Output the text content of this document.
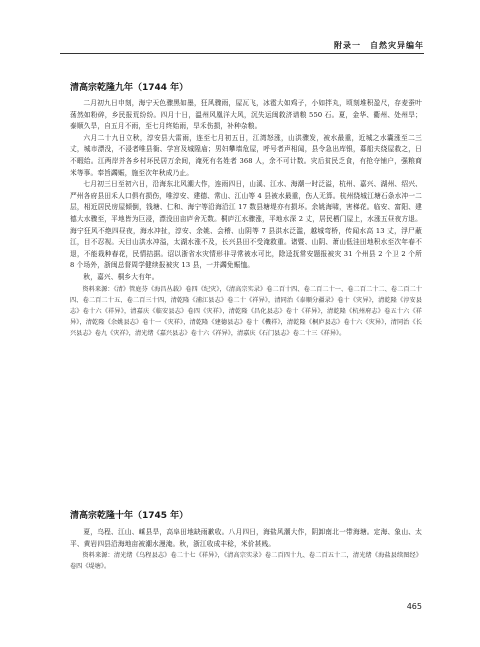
附录一　自然灾异编年
清高宗乾隆九年（1744 年）

二月初九日申刻，海宁天色骤黑如墨，狂风骤雨，屋瓦飞，冰雹大如鸡子，小如拌丸，顷刻堆积盈尺，存麦蚕叶荡然如粉碎，乡民报荒纷纷。四月十日，温州风凰洋大风，沉失运闽救济谱粮 550 石。夏，金华、衢州、处州旱；泰顺久旱，自五月不雨，至七月终始雨，旱禾伤损，补种杂粮。

六月二十九日立秋，淳安县大雷雨，连至七月初五日，江湾怒涨，山洪骤发，被水最重，近城之水囊涨至二三丈，城市漂没，不浸者唯县衙、学宫及城隍庙；男妇攀墙危屋，呼号者声相闻，县令急出库银，募船夫绕屋救之，日不暇给。江两岸并各乡村坏民居万余间，淹死有名姓者 368 人，余不可计数。灾后贫民乏食，有抢夺铺户，强粮商米等事。奉旨蠲赈，施至次年秋成乃止。

七月初三日至初六日，沿海东北风潮大作，连雨四日，山溪、江水、海潮一时泛溢，杭州、嘉兴、湖州、绍兴、严州各府县田禾人口俱有损伤，唯淳安、建德、常山、江山等 4 县被水最重，伤人无算。杭州绕城江塘石条水冲一二层，相近居民房屋倾倒，钱塘、仁和、海宁等沿海沿江 17 数县塘堤亦有损坏。余姚海啸，害梯花。临安、富阳、建德大水骤至，平地皆为巨浸，漂没田亩庐舍无数。桐庐江水骤涨，平地水深 2 丈，居民栖门屋上，水涨五昼夜方退。海宁狂风不绝四昼夜，海水冲扯，淳安、余姚、会稽、山阴等 7 县洪水泛滥，越城弯桥，传闻水高 13 丈，浮尸蔽江，目不忍视。天目山洪水冲溢，太湖水涨不及，长兴县田不受淹救重。诸暨、山阴、萧山低洼田地积水至次年春不退，不能栽种春花，民情拮据。诏以浙省水灾情形非寻常被水可比，除迳抚常安题报被灾 31 个州县 2 个卫 2 个所 8 个场外，浙闽总督周学健续报被灾 13 县，一并蠲免赈恤。

秋，嘉兴、桐乡大有年。

资料来源：《清》管庭芬《海昌丛载》卷四《纪灾》，《清高宗实录》卷二百十四、卷二百二十一、卷二百二十二、卷二百二十四、卷二百二十五、卷二百三十四，清乾隆《浦江县志》卷二十《祥异》，清同治《泰顺分疆录》卷十《灾异》，清乾隆《淳安县志》卷十六《祥异》，清嘉庆《临安县志》卷四《灾祥》，清乾隆《昌化县志》卷十《祥异》，清乾隆《杭州府志》卷五十六《祥异》，清乾隆《余姚县志》卷十一《灾祥》，清乾隆《建德县志》卷十《機祥》，清乾隆《桐庐县志》卷十六《灾异》，清同治《长兴县志》卷九《灾祥》，清光绪《嘉兴县志》卷十六《祥异》，清嘉庆《石门县志》卷二十三《祥异》。

清高宗乾隆十年（1745 年）

夏，乌程、江山、嵊县旱，高阜田地缺雨歉收。八月四日，海盐风潮大作，阴卸南北一带海塘。定海、象山、太平、黄岩四县沿海地亩被潮水漫淹。秋，浙江收成丰稔，米价甚贱。

资料来源：清光绪《乌程县志》卷二十七《祥异》，《清高宗实录》卷二百四十九、卷二百五十二，清光绪《海盐县续图经》卷四《堤塘》。

465
